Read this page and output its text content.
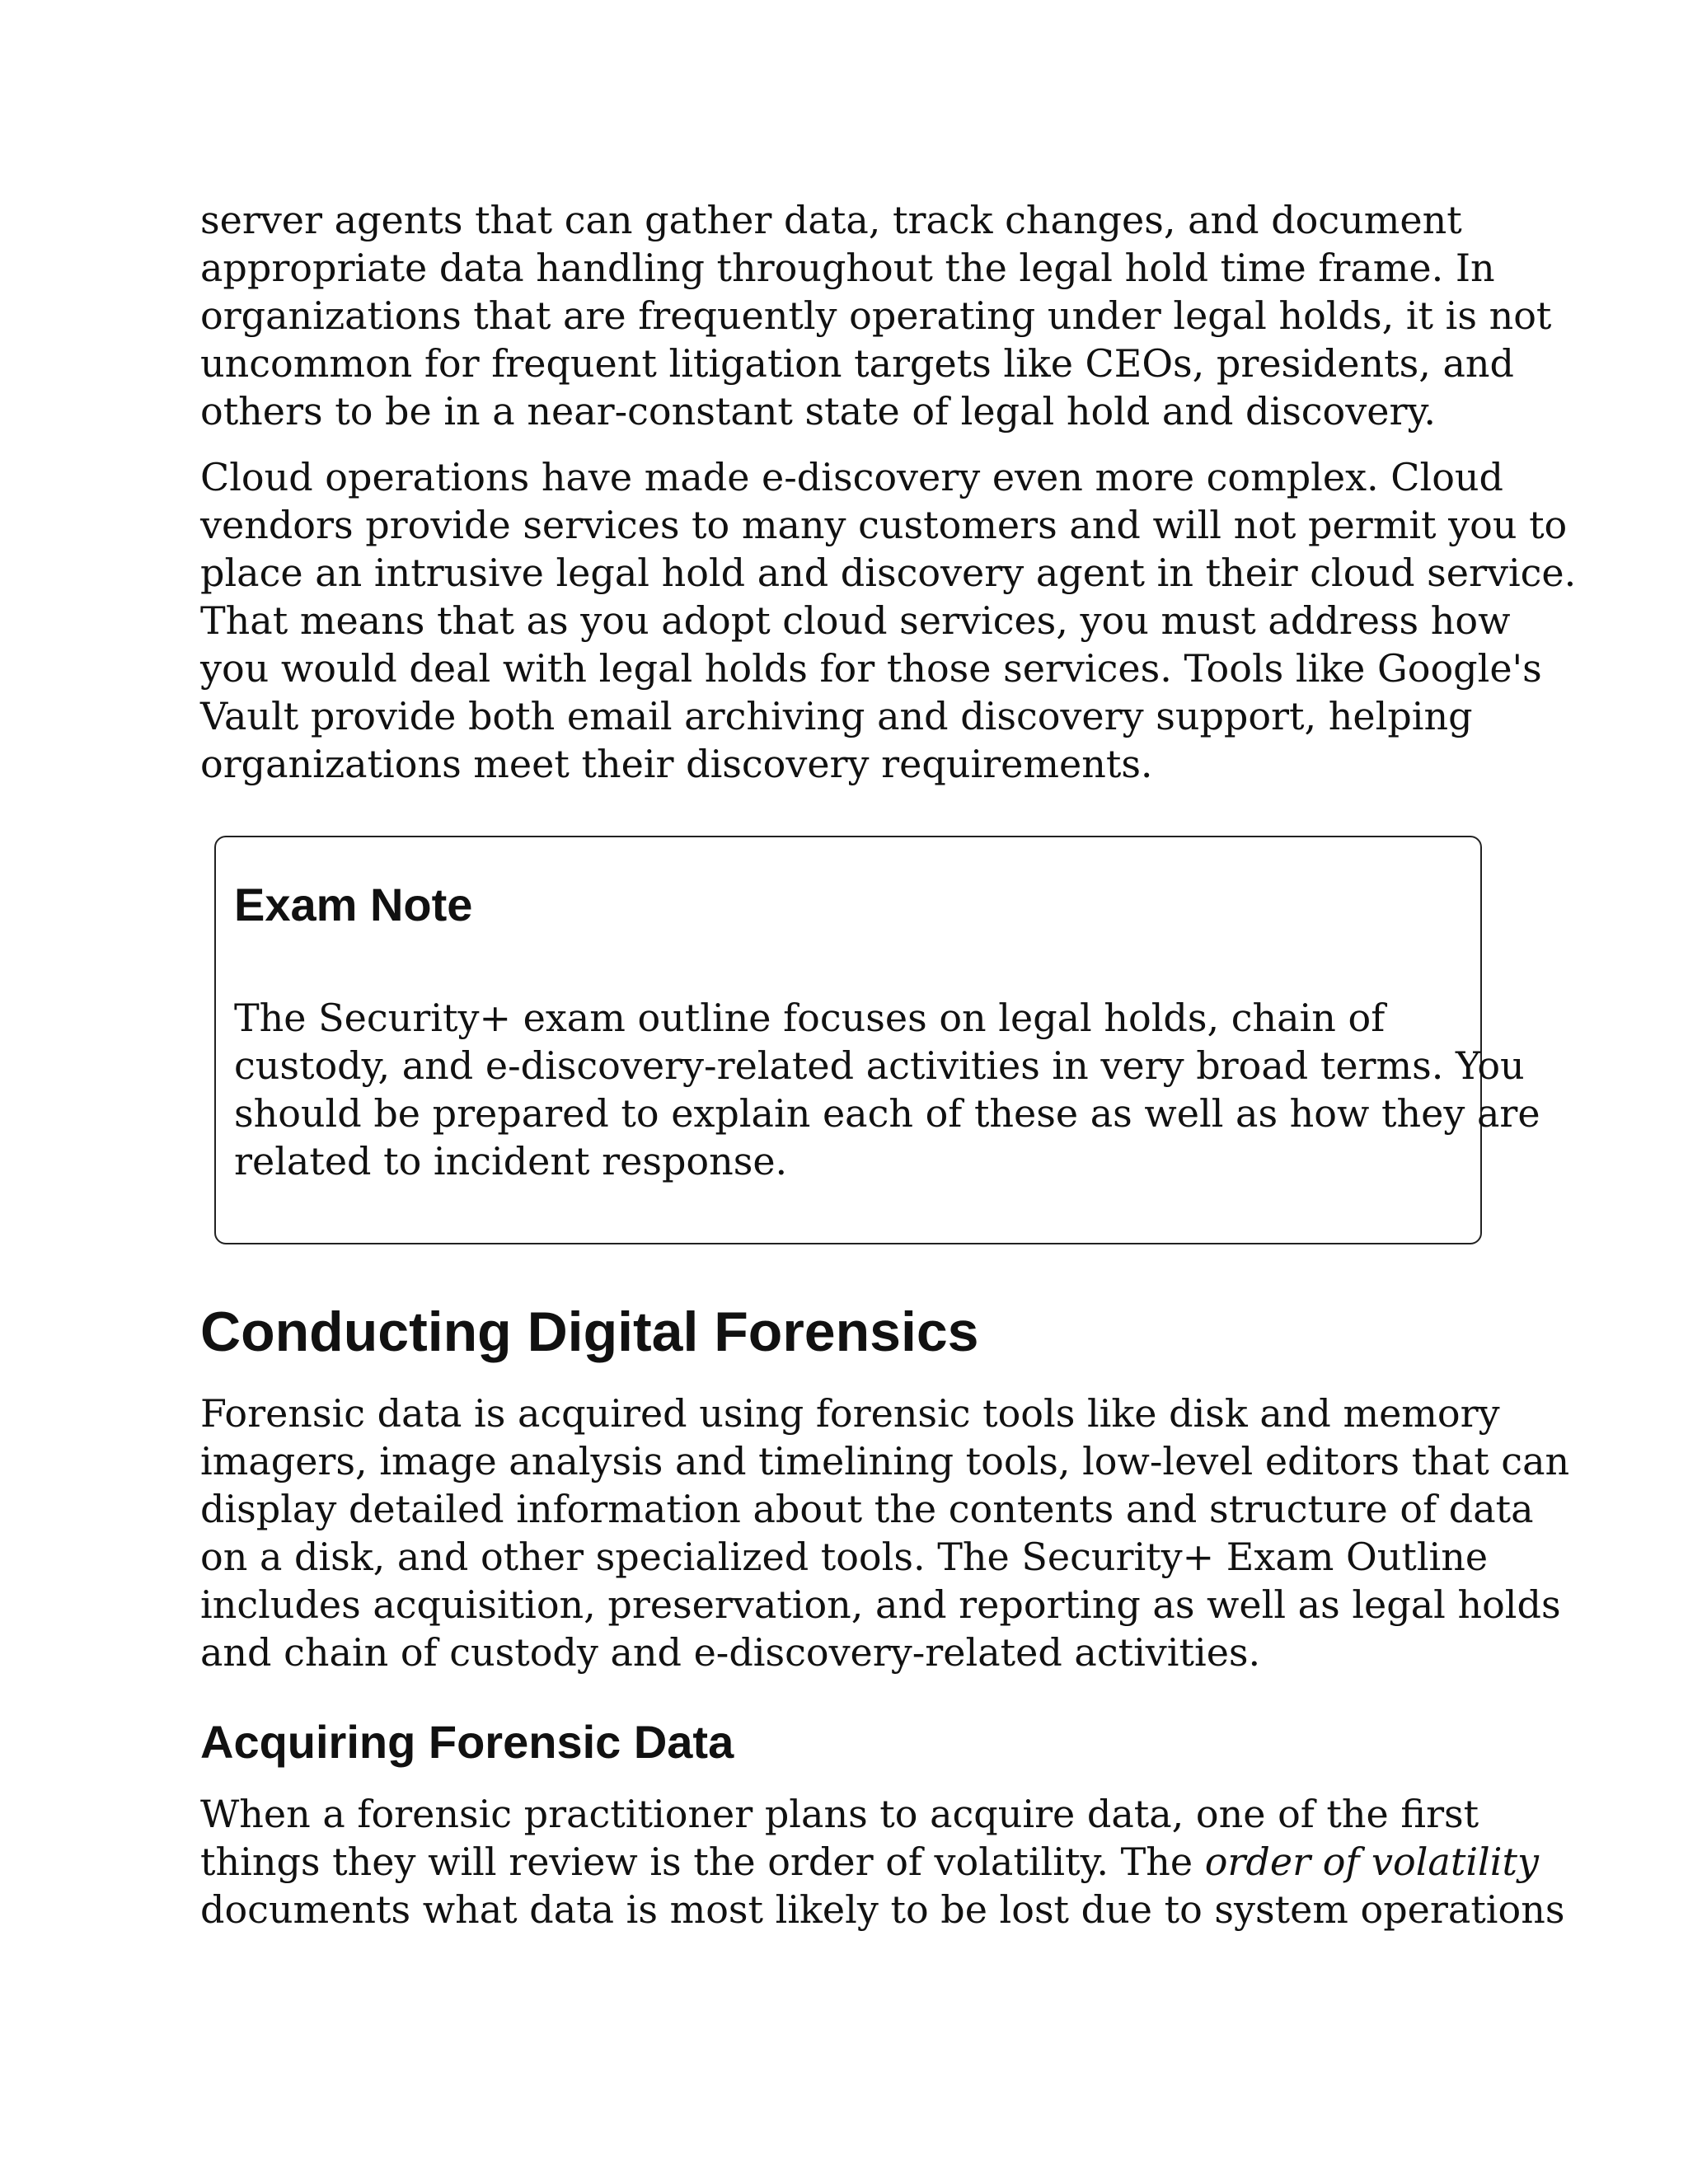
server agents that can gather data, track changes, and document
appropriate data handling throughout the legal hold time frame. In
organizations that are frequently operating under legal holds, it is not
uncommon for frequent litigation targets like CEOs, presidents, and
others to be in a near-constant state of legal hold and discovery.

Cloud operations have made e-discovery even more complex. Cloud
vendors provide services to many customers and will not permit you to
place an intrusive legal hold and discovery agent in their cloud service.
That means that as you adopt cloud services, you must address how
you would deal with legal holds for those services. Tools like Google's
Vault provide both email archiving and discovery support, helping
organizations meet their discovery requirements.

Exam Note

The Security+ exam outline focuses on legal holds, chain of
custody, and e-discovery-related activities in very broad terms. You
should be prepared to explain each of these as well as how they are
related to incident response.

Conducting Digital Forensics

Forensic data is acquired using forensic tools like disk and memory
imagers, image analysis and timelining tools, low-level editors that can
display detailed information about the contents and structure of data
on a disk, and other specialized tools. The Security+ Exam Outline
includes acquisition, preservation, and reporting as well as legal holds
and chain of custody and e-discovery-related activities.

Acquiring Forensic Data

When a forensic practitioner plans to acquire data, one of the first
things they will review is the order of volatility. The order of volatility
documents what data is most likely to be lost due to system operations
